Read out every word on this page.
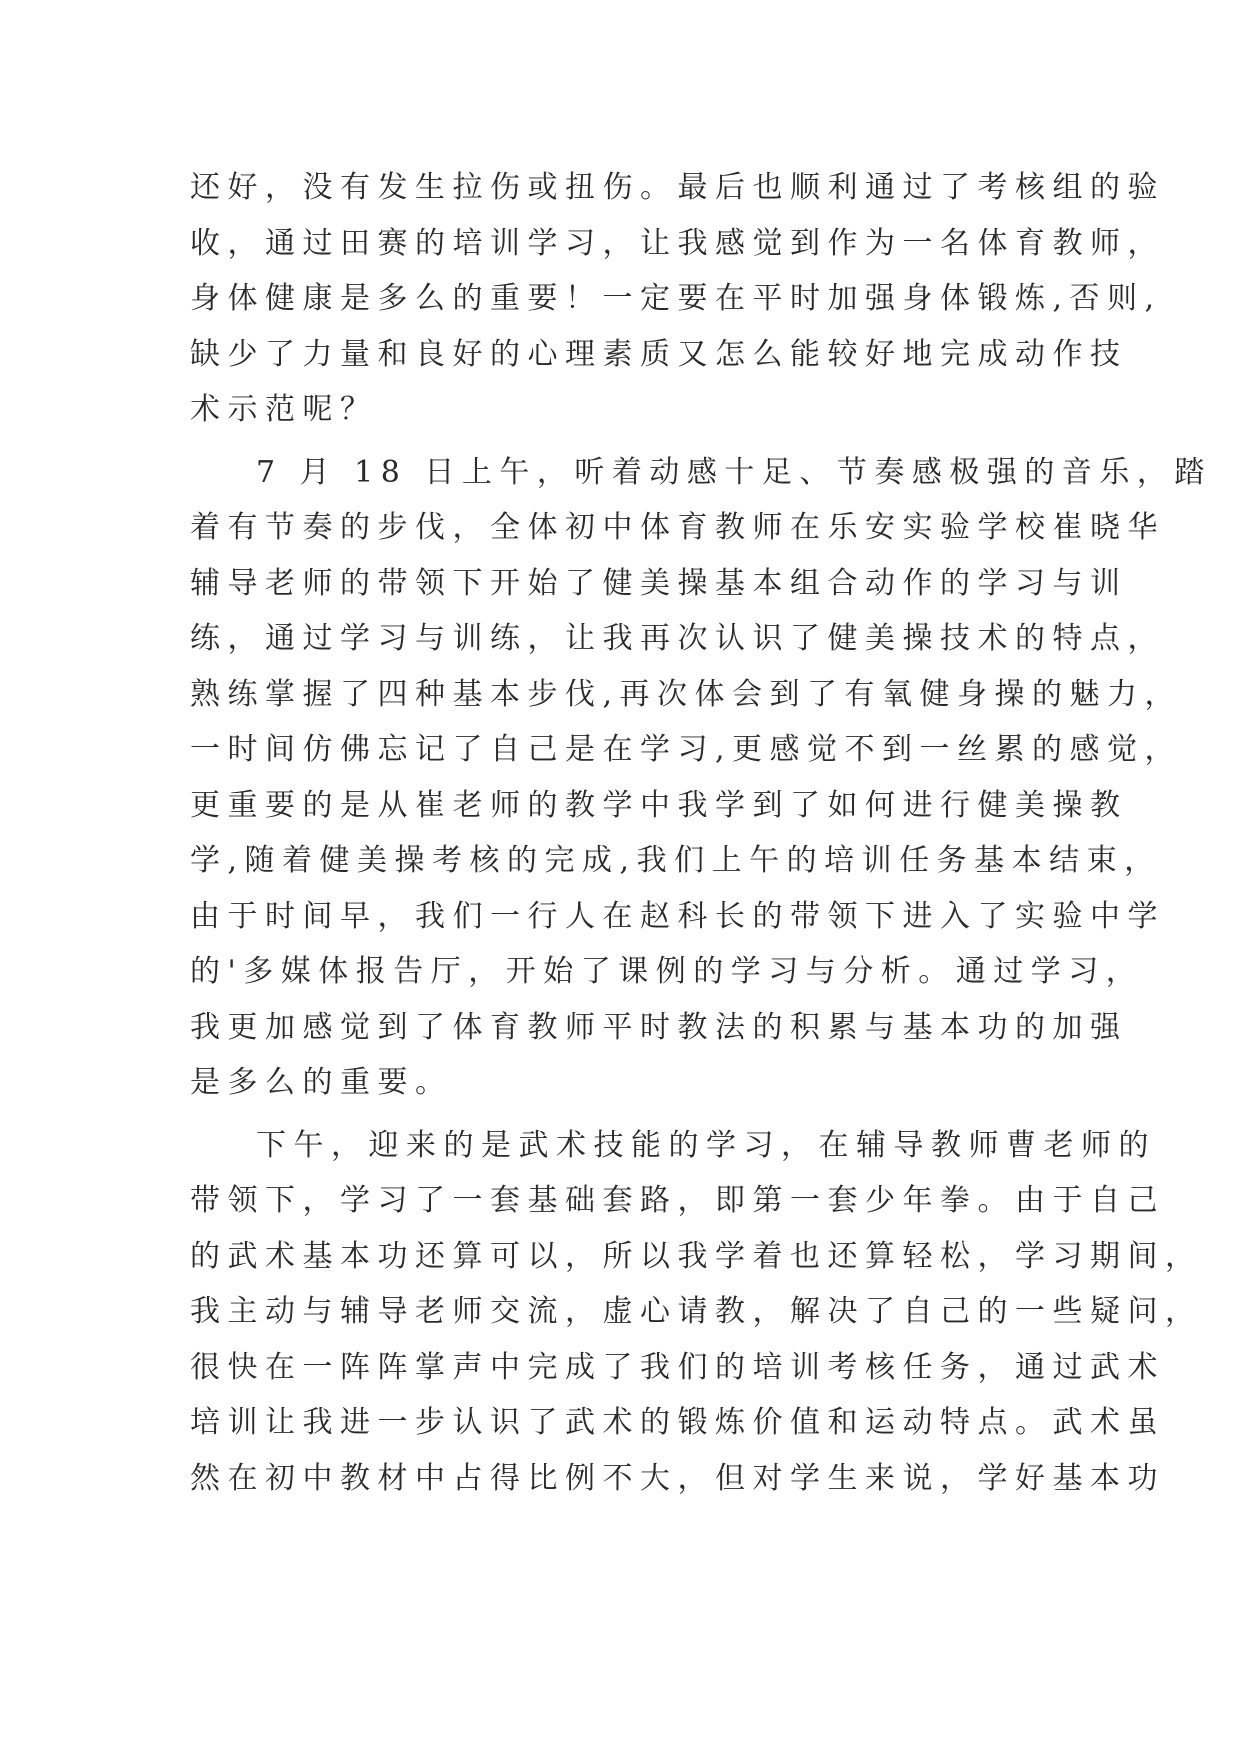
还好，没有发生拉伤或扭伤。最后也顺利通过了考核组的验
收，通过田赛的培训学习，让我感觉到作为一名体育教师，
身体健康是多么的重要！一定要在平时加强身体锻炼,否则,
缺少了力量和良好的心理素质又怎么能较好地完成动作技
术示范呢？
7 月 18 日上午，听着动感十足、节奏感极强的音乐，踏
着有节奏的步伐，全体初中体育教师在乐安实验学校崔晓华
辅导老师的带领下开始了健美操基本组合动作的学习与训
练，通过学习与训练，让我再次认识了健美操技术的特点，
熟练掌握了四种基本步伐,再次体会到了有氧健身操的魅力，
一时间仿佛忘记了自己是在学习,更感觉不到一丝累的感觉，
更重要的是从崔老师的教学中我学到了如何进行健美操教
学,随着健美操考核的完成,我们上午的培训任务基本结束，
由于时间早，我们一行人在赵科长的带领下进入了实验中学
的'多媒体报告厅，开始了课例的学习与分析。通过学习，
我更加感觉到了体育教师平时教法的积累与基本功的加强
是多么的重要。
下午，迎来的是武术技能的学习，在辅导教师曹老师的
带领下，学习了一套基础套路，即第一套少年拳。由于自己
的武术基本功还算可以，所以我学着也还算轻松，学习期间，
我主动与辅导老师交流，虚心请教，解决了自己的一些疑问，
很快在一阵阵掌声中完成了我们的培训考核任务，通过武术
培训让我进一步认识了武术的锻炼价值和运动特点。武术虽
然在初中教材中占得比例不大，但对学生来说，学好基本功
